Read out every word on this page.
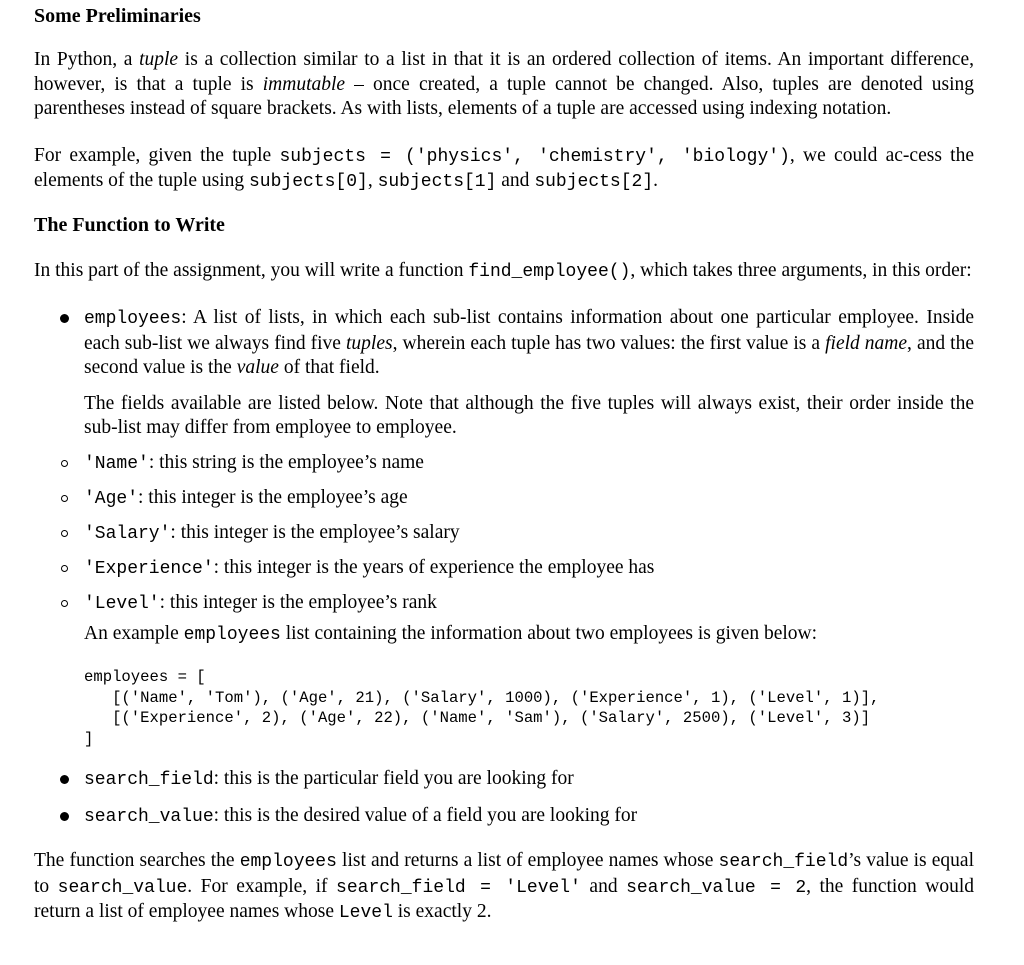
Some Preliminaries

In Python, a tuple is a collection similar to a list in that it is an ordered collection of items. An important difference, however, is that a tuple is immutable – once created, a tuple cannot be changed. Also, tuples are denoted using parentheses instead of square brackets. As with lists, elements of a tuple are accessed using indexing notation.

For example, given the tuple subjects = ('physics', 'chemistry', 'biology'), we could ac-cess the elements of the tuple using subjects[0], subjects[1] and subjects[2].

The Function to Write

In this part of the assignment, you will write a function find_employee(), which takes three arguments, in this order:

employees: A list of lists, in which each sub-list contains information about one particular employee. Inside each sub-list we always find five tuples, wherein each tuple has two values: the first value is a field name, and the second value is the value of that field.

The fields available are listed below. Note that although the five tuples will always exist, their order inside the sub-list may differ from employee to employee.

'Name': this string is the employee’s name
'Age': this integer is the employee’s age
'Salary': this integer is the employee’s salary
'Experience': this integer is the years of experience the employee has
'Level': this integer is the employee’s rank

An example employees list containing the information about two employees is given below:

employees = [
[('Name', 'Tom'), ('Age', 21), ('Salary', 1000), ('Experience', 1), ('Level', 1)],
[('Experience', 2), ('Age', 22), ('Name', 'Sam'), ('Salary', 2500), ('Level', 3)]
]

search_field: this is the particular field you are looking for

search_value: this is the desired value of a field you are looking for

The function searches the employees list and returns a list of employee names whose search_field’s value is equal to search_value. For example, if search_field = 'Level' and search_value = 2, the function would return a list of employee names whose Level is exactly 2.
